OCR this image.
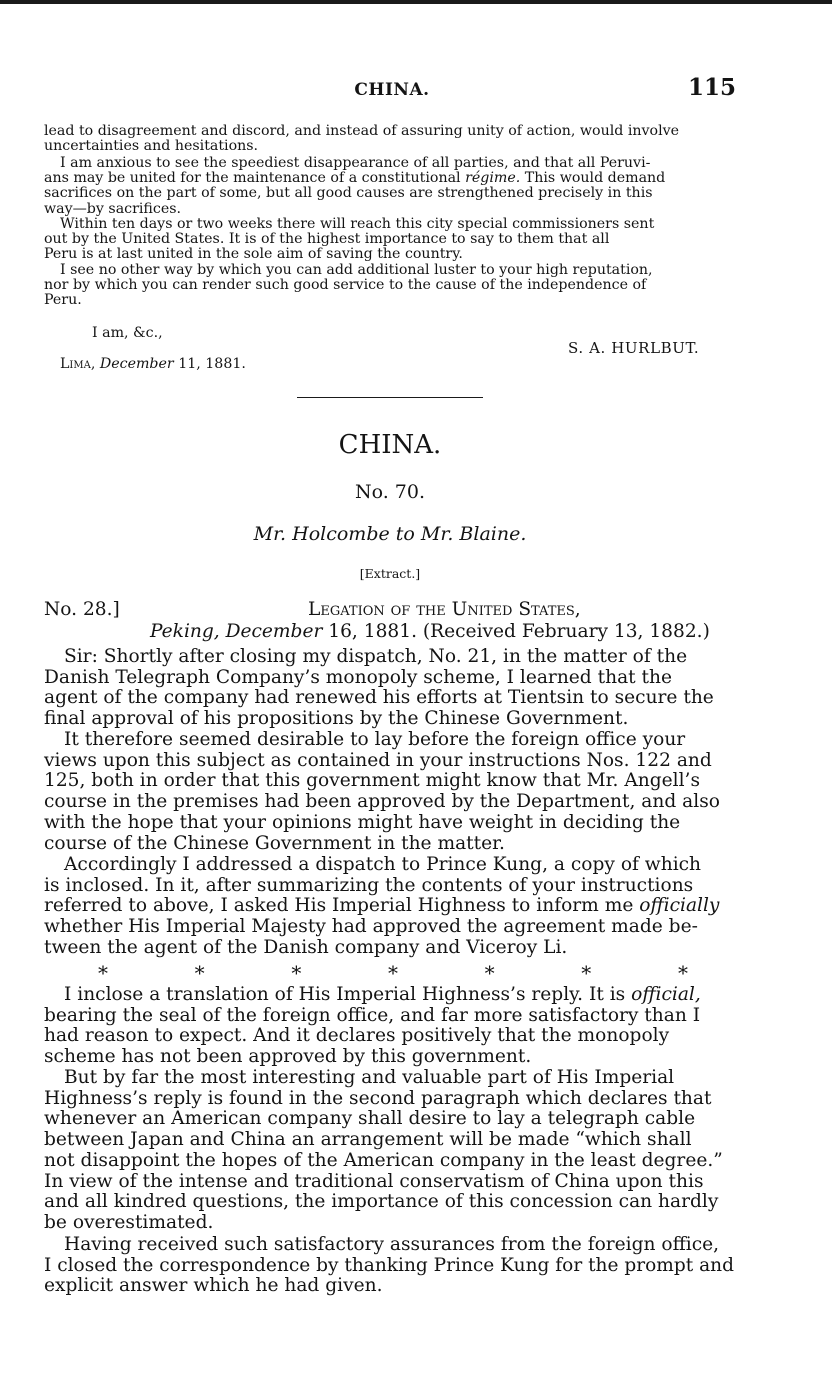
CHINA.	115
lead to disagreement and discord, and instead of assuring unity of action, would involve
uncertainties and hesitations.
I am anxious to see the speediest disappearance of all parties, and that all Peruvi-
ans may be united for the maintenance of a constitutional régime. This would demand
sacrifices on the part of some, but all good causes are strengthened precisely in this
way—by sacrifices.
Within ten days or two weeks there will reach this city special commissioners sent
out by the United States. It is of the highest importance to say to them that all
Peru is at last united in the sole aim of saving the country.
I see no other way by which you can add additional luster to your high reputation,
nor by which you can render such good service to the cause of the independence of
Peru.
I am, &c.,
S. A. HURLBUT.
Lima, December 11, 1881.
CHINA.
No. 70.
Mr. Holcombe to Mr. Blaine.
[Extract.]
No. 28.]	Legation of the United States,
Peking, December 16, 1881. (Received February 13, 1882.)
Sir: Shortly after closing my dispatch, No. 21, in the matter of the
Danish Telegraph Company’s monopoly scheme, I learned that the
agent of the company had renewed his efforts at Tientsin to secure the
final approval of his propositions by the Chinese Government.
It therefore seemed desirable to lay before the foreign office your
views upon this subject as contained in your instructions Nos. 122 and
125, both in order that this government might know that Mr. Angell’s
course in the premises had been approved by the Department, and also
with the hope that your opinions might have weight in deciding the
course of the Chinese Government in the matter.
Accordingly I addressed a dispatch to Prince Kung, a copy of which
is inclosed. In it, after summarizing the contents of your instructions
referred to above, I asked His Imperial Highness to inform me officially
whether His Imperial Majesty had approved the agreement made be-
tween the agent of the Danish company and Viceroy Li.
*	*	*	*	*	*	*
I inclose a translation of His Imperial Highness’s reply. It is official,
bearing the seal of the foreign office, and far more satisfactory than I
had reason to expect. And it declares positively that the monopoly
scheme has not been approved by this government.
But by far the most interesting and valuable part of His Imperial
Highness’s reply is found in the second paragraph which declares that
whenever an American company shall desire to lay a telegraph cable
between Japan and China an arrangement will be made “which shall
not disappoint the hopes of the American company in the least degree.”
In view of the intense and traditional conservatism of China upon this
and all kindred questions, the importance of this concession can hardly
be overestimated.
Having received such satisfactory assurances from the foreign office,
I closed the correspondence by thanking Prince Kung for the prompt and
explicit answer which he had given.
